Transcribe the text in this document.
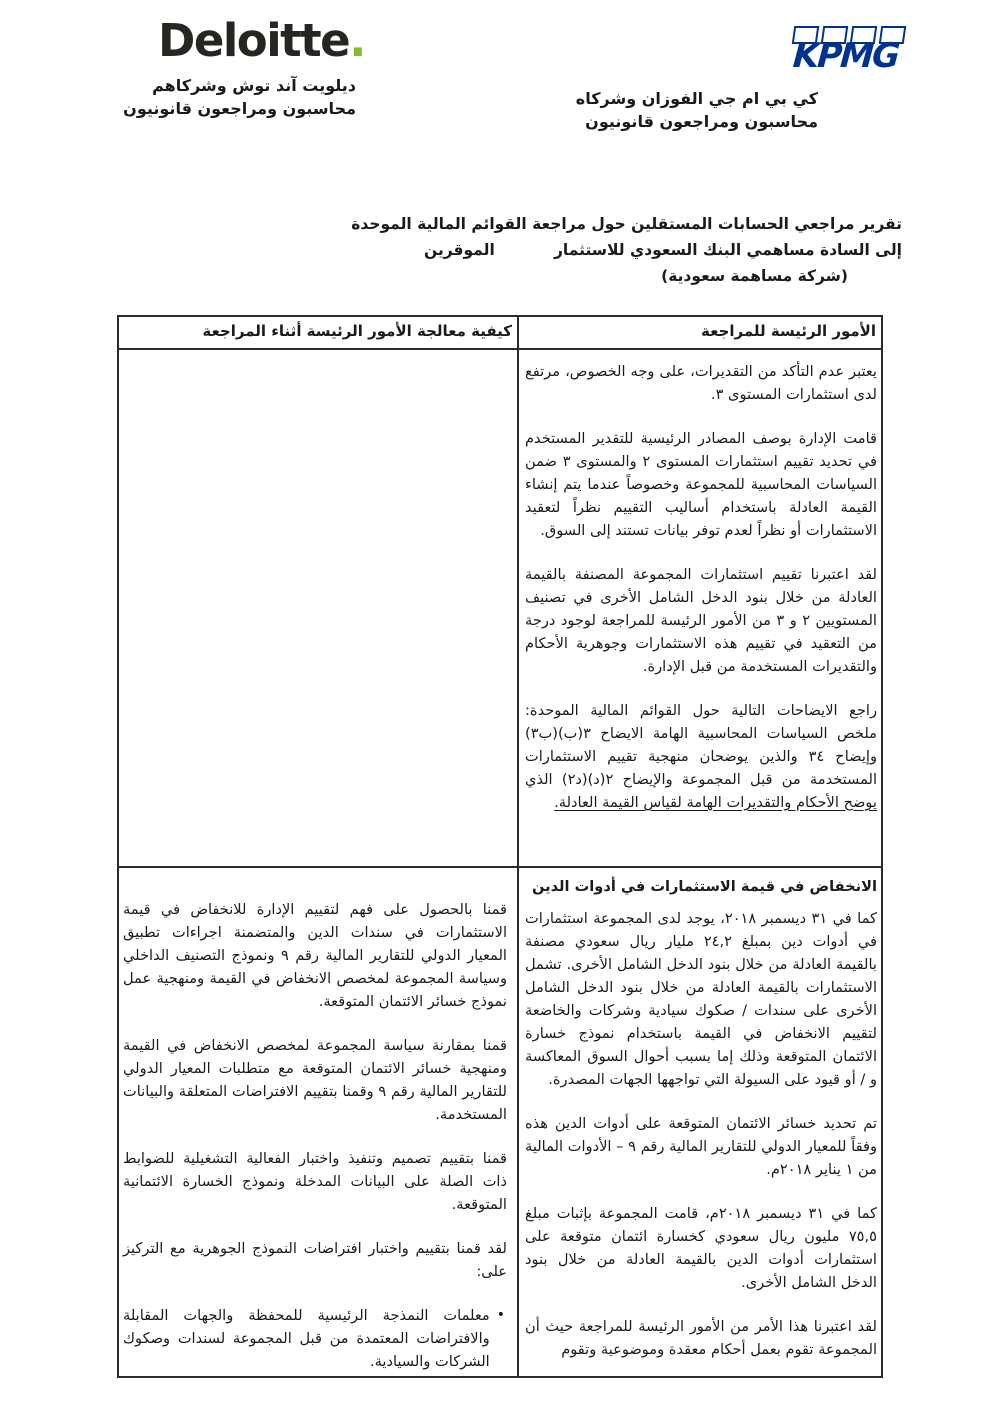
Deloitte.
ديلويت آند توش وشركاهم
محاسبون ومراجعون قانونيون
KPMG
كي بي ام جي الفوزان وشركاه
محاسبون ومراجعون قانونيون
تقرير مراجعي الحسابات المستقلين حول مراجعة القوائم المالية الموحدة
إلى السادة مساهمي البنك السعودي للاستثمار
الموقرين
(شركة مساهمة سعودية)
الأمور الرئيسة للمراجعة
كيفية معالجة الأمور الرئيسة أثناء المراجعة

يعتبر عدم التأكد من التقديرات، على وجه الخصوص، مرتفع لدى استثمارات المستوى ٣.

قامت الإدارة بوصف المصادر الرئيسية للتقدير المستخدم في تحديد تقييم استثمارات المستوى ٢ والمستوى ٣ ضمن السياسات المحاسبية للمجموعة وخصوصاً عندما يتم إنشاء القيمة العادلة باستخدام أساليب التقييم نظراً لتعقيد الاستثمارات أو نظراً لعدم توفر بيانات تستند إلى السوق.

لقد اعتبرنا تقييم استثمارات المجموعة المصنفة بالقيمة العادلة من خلال بنود الدخل الشامل الأخرى في تصنيف المستويين ٢ و ٣ من الأمور الرئيسة للمراجعة لوجود درجة من التعقيد في تقييم هذه الاستثمارات وجوهرية الأحكام والتقديرات المستخدمة من قبل الإدارة.

راجع الايضاحات التالية حول القوائم المالية الموحدة: ملخص السياسات المحاسبية الهامة الايضاح ٣(ب)(ب٣) وإيضاح ٣٤ والذين يوضحان منهجية تقييم الاستثمارات المستخدمة من قبل المجموعة والإيضاح ٢(د)(د٢) الذي يوضح الأحكام والتقديرات الهامة لقياس القيمة العادلة.

الانخفاض في قيمة الاستثمارات في أدوات الدين

كما في ٣١ ديسمبر ٢٠١٨، يوجد لدى المجموعة استثمارات في أدوات دين بمبلغ ٢٤,٢ مليار ريال سعودي مصنفة بالقيمة العادلة من خلال بنود الدخل الشامل الأخرى. تشمل الاستثمارات بالقيمة العادلة من خلال بنود الدخل الشامل الأخرى على سندات / صكوك سيادية وشركات والخاضعة لتقييم الانخفاض في القيمة باستخدام نموذج خسارة الائتمان المتوقعة وذلك إما بسبب أحوال السوق المعاكسة و / أو قيود على السيولة التي تواجهها الجهات المصدرة.

تم تحديد خسائر الائتمان المتوقعة على أدوات الدين هذه وفقاً للمعيار الدولي للتقارير المالية رقم ٩ – الأدوات المالية من ١ يناير ٢٠١٨م.

كما في ٣١ ديسمبر ٢٠١٨م، قامت المجموعة بإثبات مبلغ ٧٥,٥ مليون ريال سعودي كخسارة ائتمان متوقعة على استثمارات أدوات الدين بالقيمة العادلة من خلال بنود الدخل الشامل الأخرى.

لقد اعتبرنا هذا الأمر من الأمور الرئيسة للمراجعة حيث أن المجموعة تقوم بعمل أحكام معقدة وموضوعية وتقوم

قمنا بالحصول على فهم لتقييم الإدارة للانخفاض في قيمة الاستثمارات في سندات الدين والمتضمنة اجراءات تطبيق المعيار الدولي للتقارير المالية رقم ٩ ونموذج التصنيف الداخلي وسياسة المجموعة لمخصص الانخفاض في القيمة ومنهجية عمل نموذج خسائر الائتمان المتوقعة.

قمنا بمقارنة سياسة المجموعة لمخصص الانخفاض في القيمة ومنهجية خسائر الائتمان المتوقعة مع متطلبات المعيار الدولي للتقارير المالية رقم ٩ وقمنا بتقييم الافتراضات المتعلقة والبيانات المستخدمة.

قمنا بتقييم تصميم وتنفيذ واختبار الفعالية التشغيلية للضوابط ذات الصلة على البيانات المدخلة ونموذج الخسارة الائتمانية المتوقعة.

لقد قمنا بتقييم واختبار افتراضات النموذج الجوهرية مع التركيز على:

•
معلمات النمذجة الرئيسية للمحفظة والجهات المقابلة والافتراضات المعتمدة من قبل المجموعة لسندات وصكوك الشركات والسيادية.
